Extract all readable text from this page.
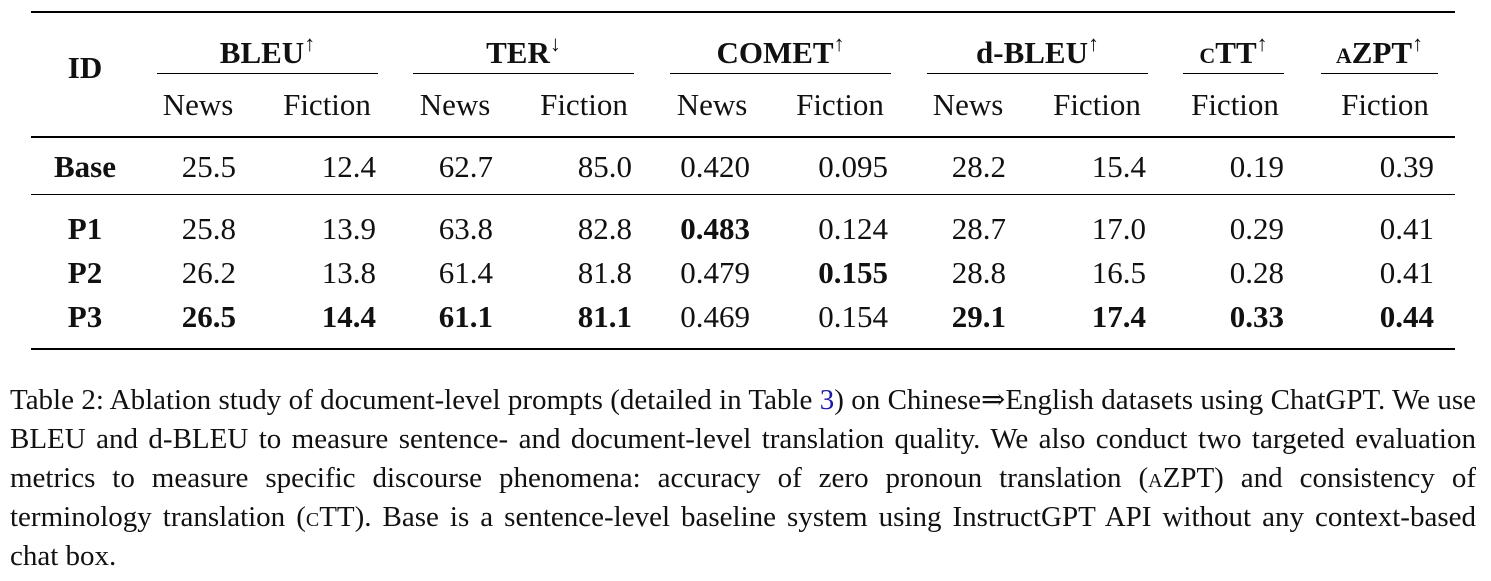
ID	BLEU↑	TER↓	COMET↑	d-BLEU↑	cTT↑	aZPT↑
News	Fiction	News	Fiction	News	Fiction	News	Fiction	Fiction	Fiction
Base	25.5	12.4	62.7	85.0	0.420	0.095	28.2	15.4	0.19	0.39
P1	25.8	13.9	63.8	82.8	0.483	0.124	28.7	17.0	0.29	0.41
P2	26.2	13.8	61.4	81.8	0.479	0.155	28.8	16.5	0.28	0.41
P3	26.5	14.4	61.1	81.1	0.469	0.154	29.1	17.4	0.33	0.44
Table 2: Ablation study of document-level prompts (detailed in Table 3) on Chinese⇒English datasets using ChatGPT. We use BLEU and d-BLEU to measure sentence- and document-level translation quality. We also conduct two targeted evaluation metrics to measure specific discourse phenomena: accuracy of zero pronoun translation (aZPT) and consistency of terminology translation (cTT). Base is a sentence-level baseline system using InstructGPT API without any context-based chat box.
